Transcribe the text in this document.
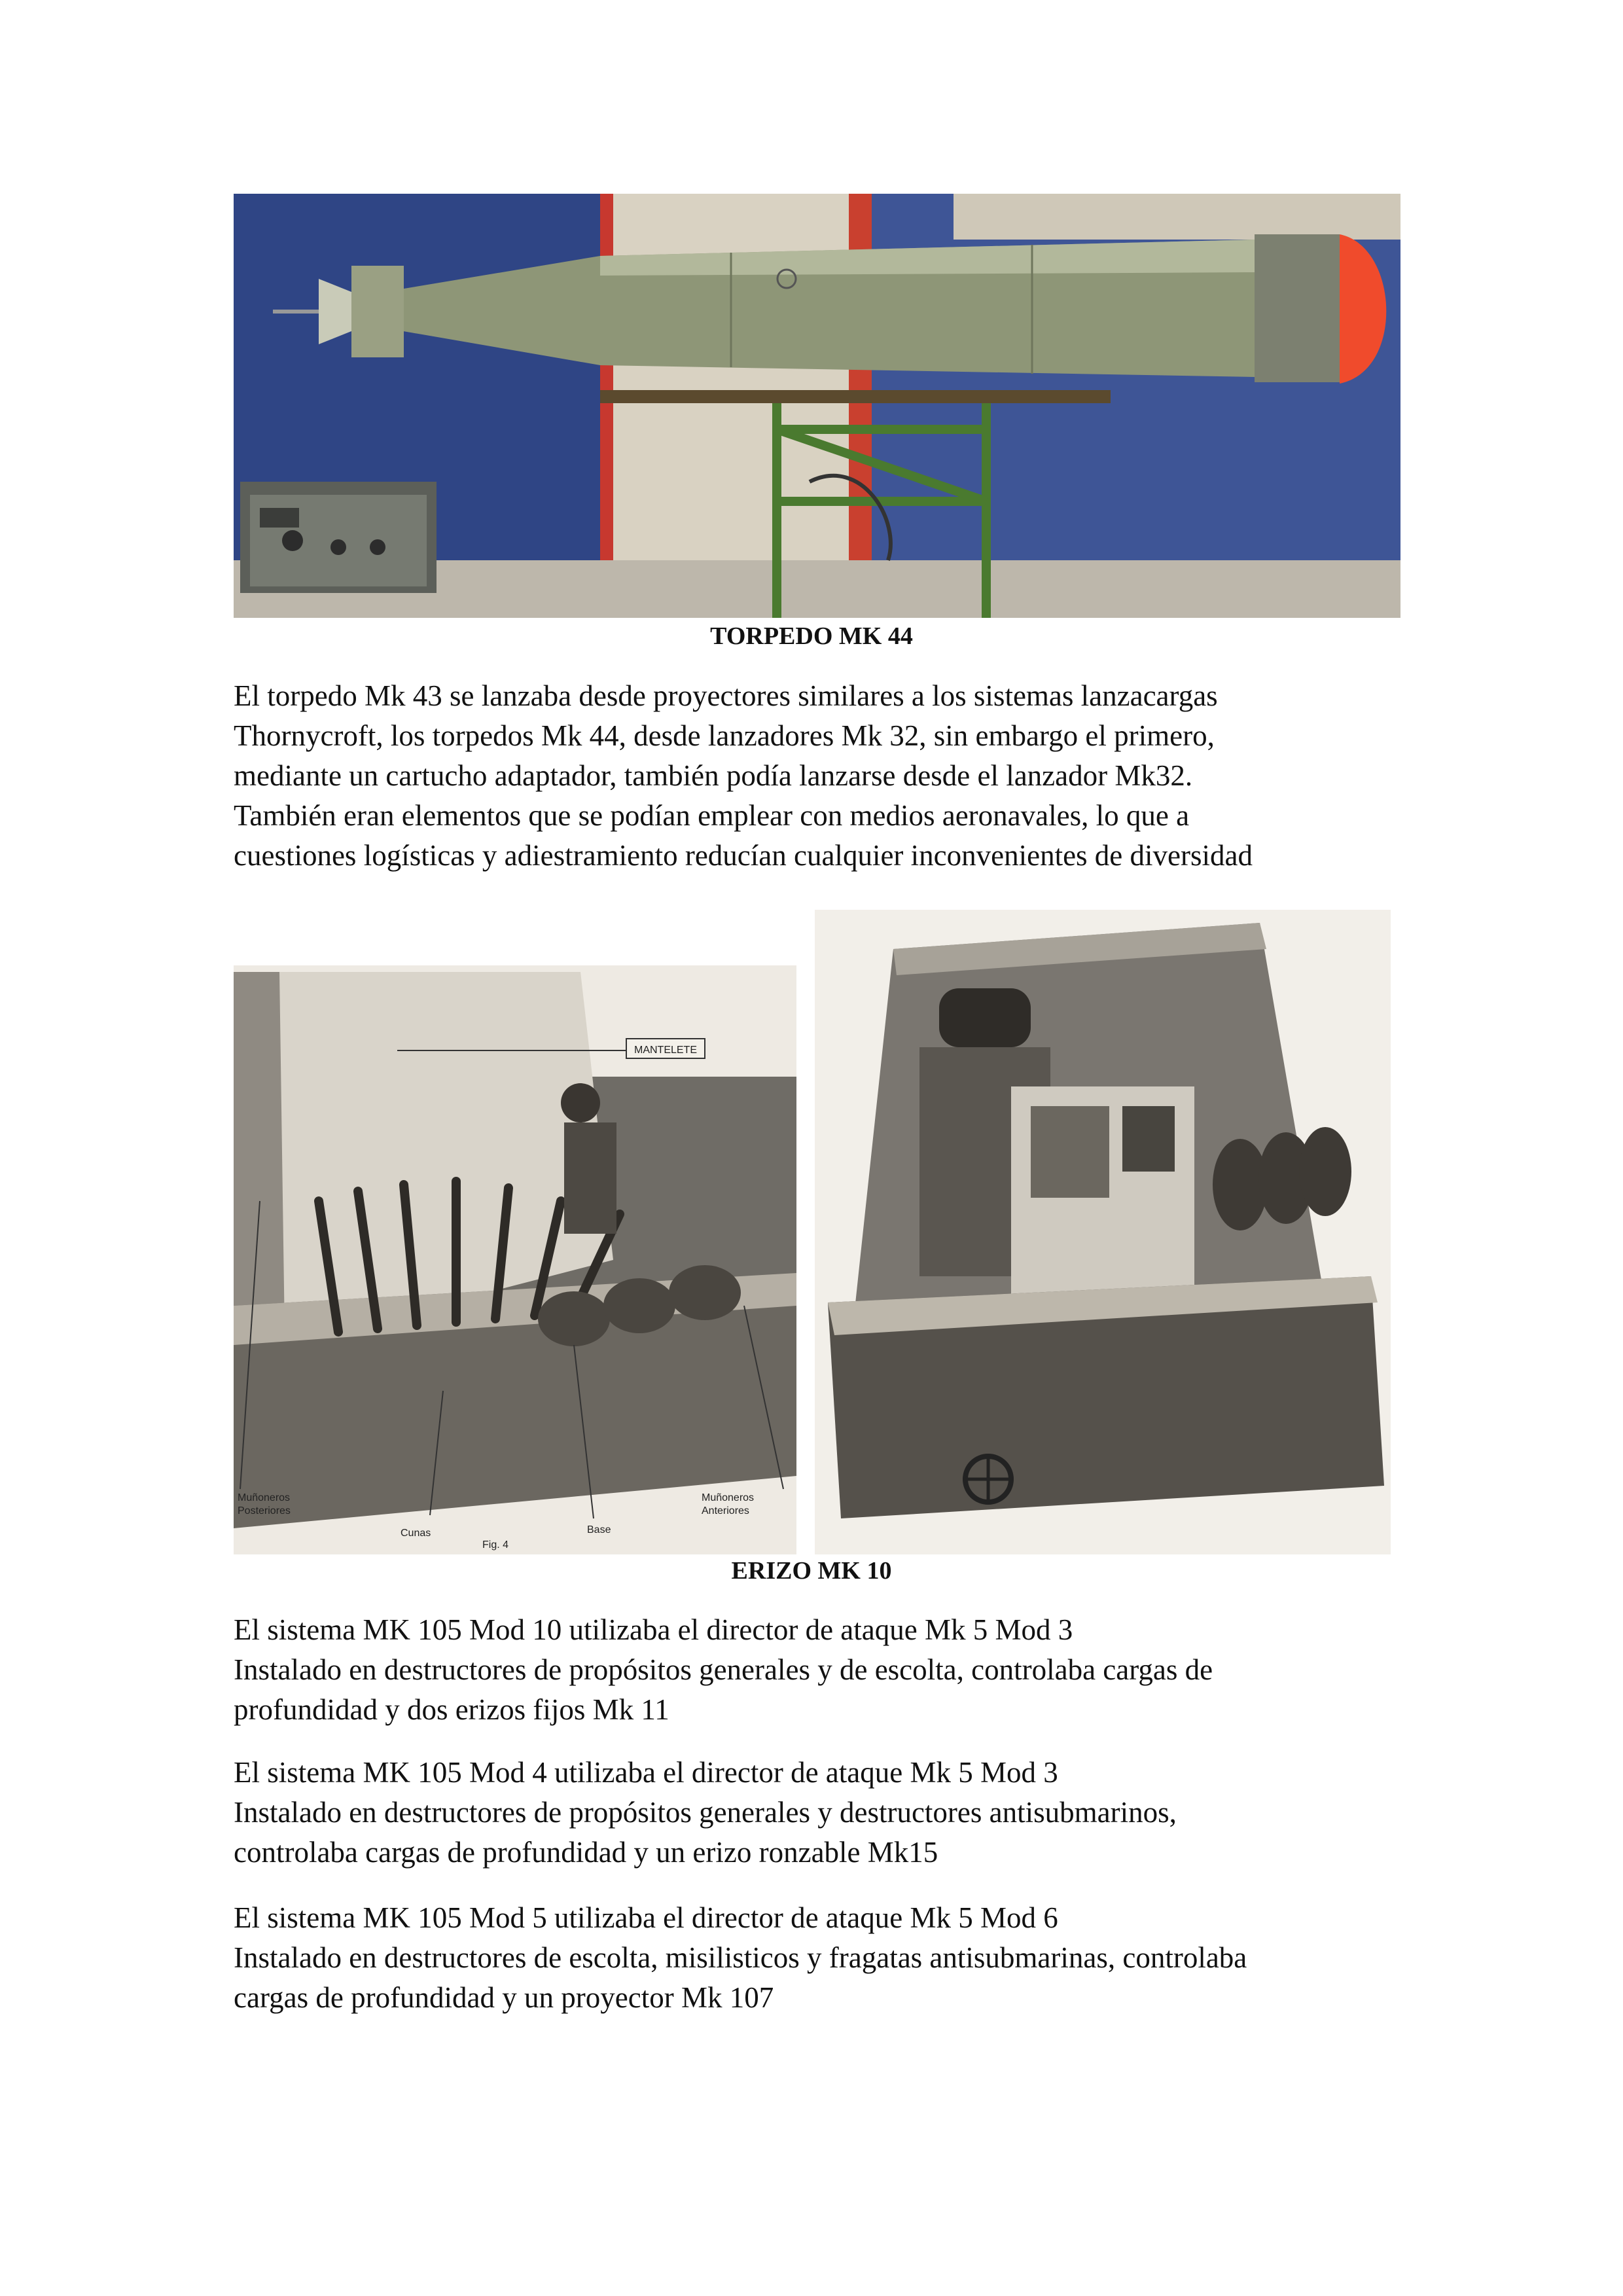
TORPEDO MK 44
El torpedo Mk 43 se lanzaba desde proyectores similares a los sistemas lanzacargas
Thornycroft, los torpedos Mk 44, desde lanzadores Mk 32, sin embargo el primero,
mediante un cartucho adaptador, también podía lanzarse desde el lanzador Mk32.
También eran elementos que se podían emplear con medios aeronavales, lo que a
cuestiones logísticas y adiestramiento reducían cualquier inconvenientes de diversidad
MANTELETE
Muñoneros
Posteriores
Cunas	Base
Muñoneros
Anteriores
Fig. 4
ERIZO MK 10
El sistema MK 105 Mod 10 utilizaba el director de ataque Mk 5 Mod 3
Instalado en destructores de propósitos generales y de escolta, controlaba cargas de
profundidad y dos erizos fijos Mk 11
El sistema MK 105 Mod 4 utilizaba el director de ataque Mk 5 Mod 3
Instalado en destructores de propósitos generales y destructores antisubmarinos,
controlaba cargas de profundidad y un erizo ronzable Mk15
El sistema MK 105 Mod 5 utilizaba el director de ataque Mk 5 Mod 6
Instalado en destructores de escolta, misilisticos y fragatas antisubmarinas, controlaba
cargas de profundidad y un proyector Mk 107
